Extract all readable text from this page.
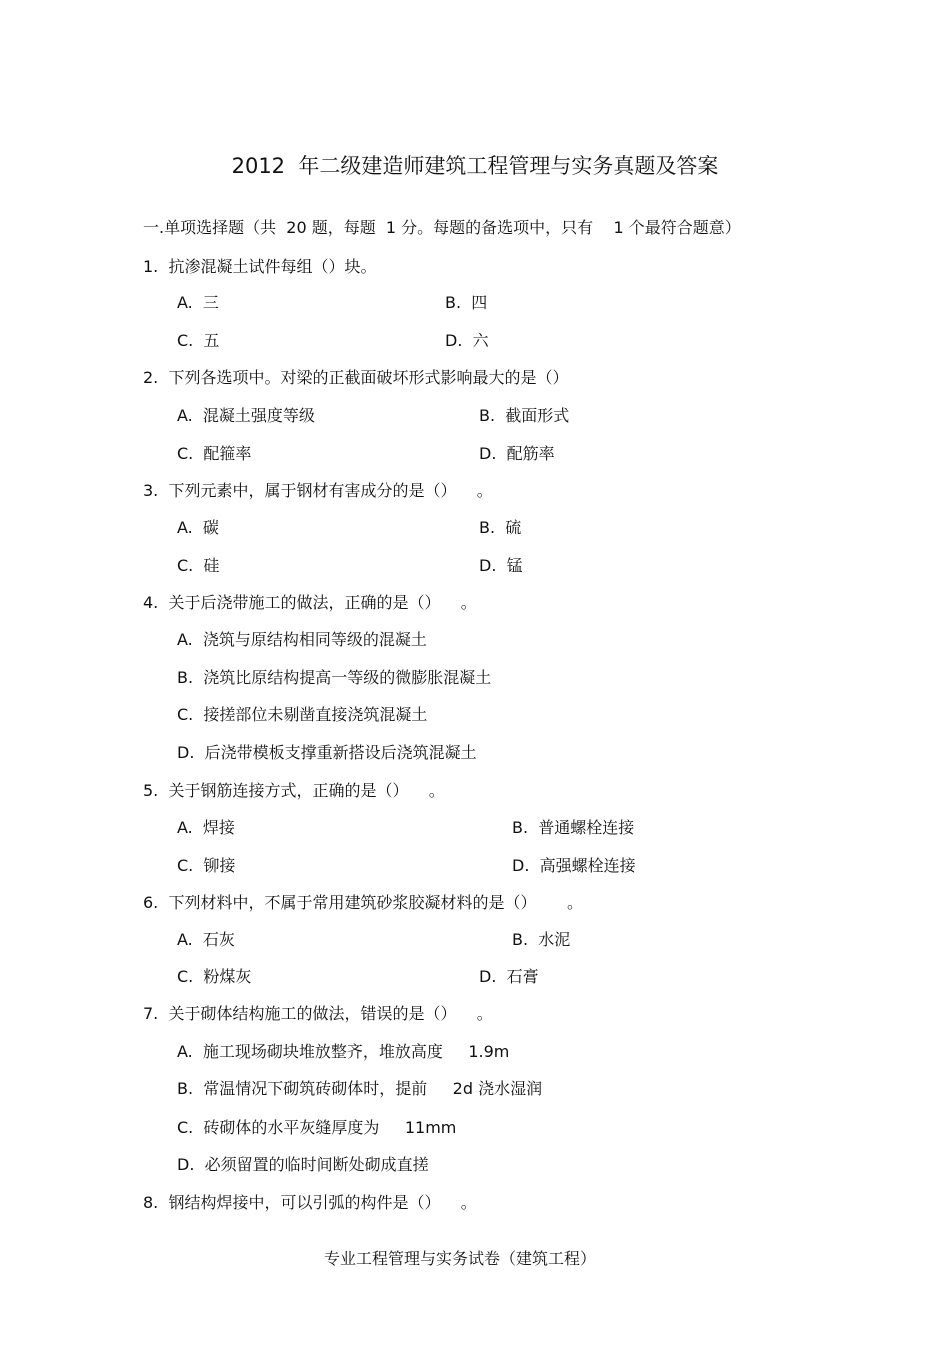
2012  年二级建造师建筑工程管理与实务真题及答案
一.单项选择题（共  20 题，每题  1 分。每题的备选项中，只有    1 个最符合题意）
1.  抗渗混凝土试件每组（）块。
A.  三	B.  四
C.  五	D.  六
2.  下列各选项中。对梁的正截面破坏形式影响最大的是（）
A.  混凝土强度等级	B.  截面形式
C.  配箍率	D.  配筋率
3.  下列元素中，属于钢材有害成分的是（）    。
A.  碳	B.  硫
C.  硅	D.  锰
4.  关于后浇带施工的做法，正确的是（）    。
A.  浇筑与原结构相同等级的混凝土
B.  浇筑比原结构提高一等级的微膨胀混凝土
C.  接搓部位未剔凿直接浇筑混凝土
D.  后浇带模板支撑重新搭设后浇筑混凝土
5.  关于钢筋连接方式，正确的是（）    。
A.  焊接	B.  普通螺栓连接
C.  铆接	D.  高强螺栓连接
6.  下列材料中，不属于常用建筑砂浆胶凝材料的是（）      。
A.  石灰	B.  水泥
C.  粉煤灰	D.  石膏
7.  关于砌体结构施工的做法，错误的是（）    。
A.  施工现场砌块堆放整齐，堆放高度     1.9m
B.  常温情况下砌筑砖砌体时，提前     2d 浇水湿润
C.  砖砌体的水平灰缝厚度为     11mm
D.  必须留置的临时间断处砌成直搓
8.  钢结构焊接中，可以引弧的构件是（）    。
专业工程管理与实务试卷（建筑工程）
